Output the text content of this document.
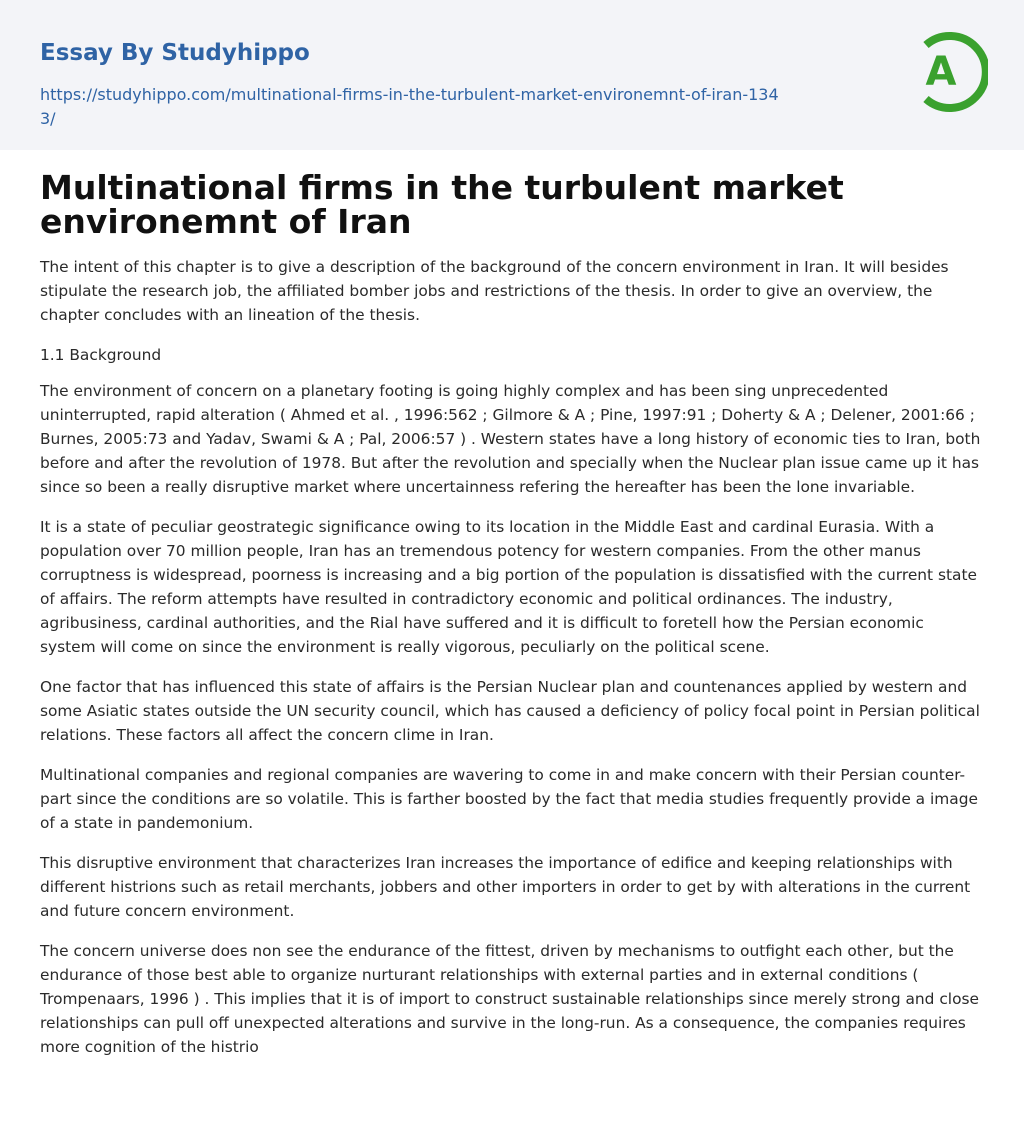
Essay By Studyhippo
https://studyhippo.com/multinational-firms-in-the-turbulent-market-environemnt-of-iran-1343/
A
Multinational firms in the turbulent market environemnt of Iran

The intent of this chapter is to give a description of the background of the concern environment in Iran. It will besides stipulate the research job, the affiliated bomber jobs and restrictions of the thesis. In order to give an overview, the chapter concludes with an lineation of the thesis.

1.1 Background

The environment of concern on a planetary footing is going highly complex and has been sing unprecedented uninterrupted, rapid alteration ( Ahmed et al. , 1996:562 ; Gilmore & A ; Pine, 1997:91 ; Doherty & A ; Delener, 2001:66 ; Burnes, 2005:73 and Yadav, Swami & A ; Pal, 2006:57 ) . Western states have a long history of economic ties to Iran, both before and after the revolution of 1978. But after the revolution and specially when the Nuclear plan issue came up it has since so been a really disruptive market where uncertainness refering the hereafter has been the lone invariable.

It is a state of peculiar geostrategic significance owing to its location in the Middle East and cardinal Eurasia. With a population over 70 million people, Iran has an tremendous potency for western companies. From the other manus corruptness is widespread, poorness is increasing and a big portion of the population is dissatisfied with the current state of affairs. The reform attempts have resulted in contradictory economic and political ordinances. The industry, agribusiness, cardinal authorities, and the Rial have suffered and it is difficult to foretell how the Persian economic system will come on since the environment is really vigorous, peculiarly on the political scene.

One factor that has influenced this state of affairs is the Persian Nuclear plan and countenances applied by western and some Asiatic states outside the UN security council, which has caused a deficiency of policy focal point in Persian political relations. These factors all affect the concern clime in Iran.

Multinational companies and regional companies are wavering to come in and make concern with their Persian counter-part since the conditions are so volatile. This is farther boosted by the fact that media studies frequently provide a image of a state in pandemonium.

This disruptive environment that characterizes Iran increases the importance of edifice and keeping relationships with different histrions such as retail merchants, jobbers and other importers in order to get by with alterations in the current and future concern environment.

The concern universe does non see the endurance of the fittest, driven by mechanisms to outfight each other, but the endurance of those best able to organize nurturant relationships with external parties and in external conditions ( Trompenaars, 1996 ) . This implies that it is of import to construct sustainable relationships since merely strong and close relationships can pull off unexpected alterations and survive in the long-run. As a consequence, the companies requires more cognition of the histrio
